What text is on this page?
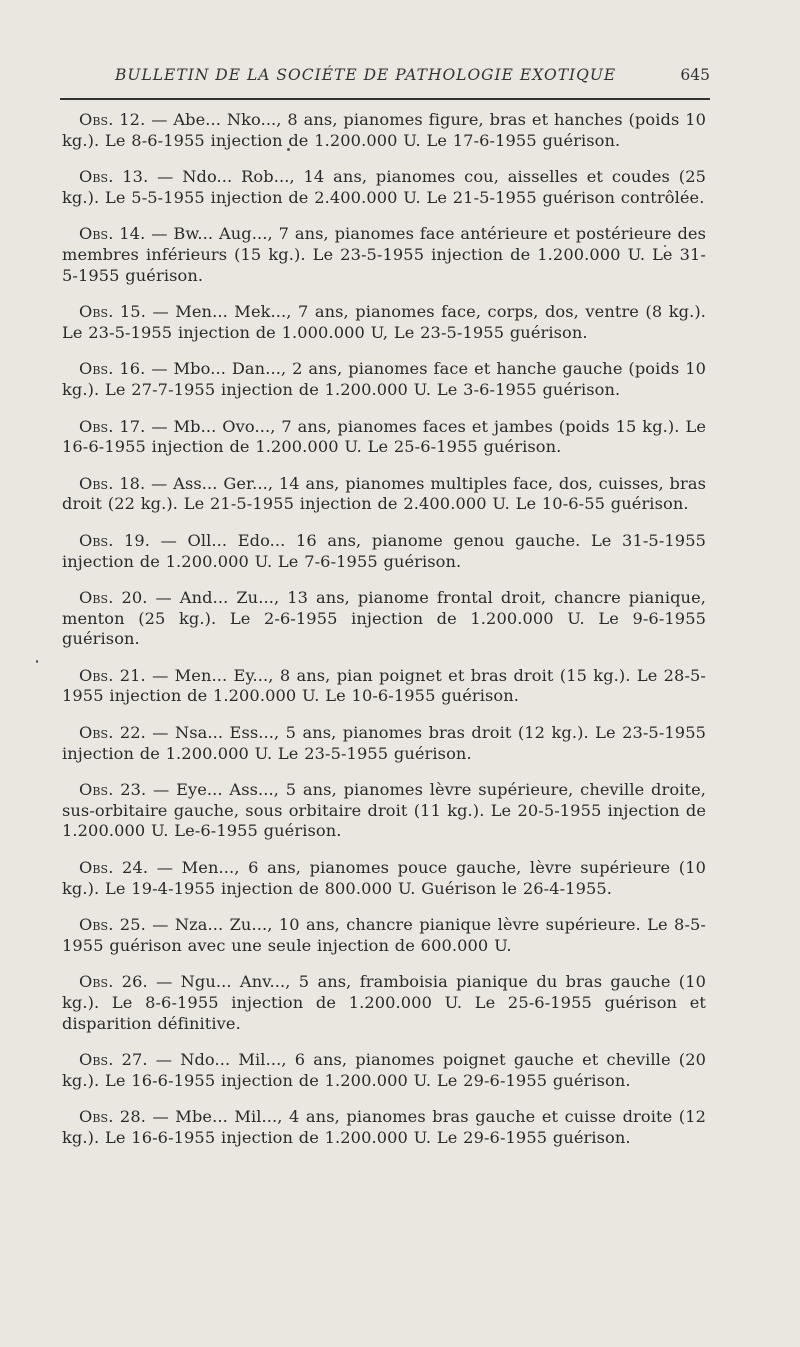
BULLETIN DE LA SOCIÉTE DE PATHOLOGIE EXOTIQUE	645

Obs. 12. — Abe... Nko..., 8 ans, pianomes figure, bras et hanches (poids 10 kg.). Le 8-6-1955 injection de 1.200.000 U. Le 17-6-1955 guérison.

Obs. 13. — Ndo... Rob..., 14 ans, pianomes cou, aisselles et coudes (25 kg.). Le 5-5-1955 injection de 2.400.000 U. Le 21-5-1955 guérison contrôlée.

Obs. 14. — Bw... Aug..., 7 ans, pianomes face antérieure et postérieure des membres inférieurs (15 kg.). Le 23-5-1955 injection de 1.200.000 U. Le 31-5-1955 guérison.

Obs. 15. — Men... Mek..., 7 ans, pianomes face, corps, dos, ventre (8 kg.). Le 23-5-1955 injection de 1.000.000 U, Le 23-5-1955 guérison.

Obs. 16. — Mbo... Dan..., 2 ans, pianomes face et hanche gauche (poids 10 kg.). Le 27-7-1955 injection de 1.200.000 U. Le 3-6-1955 guérison.

Obs. 17. — Mb... Ovo..., 7 ans, pianomes faces et jambes (poids 15 kg.). Le 16-6-1955 injection de 1.200.000 U. Le 25-6-1955 guérison.

Obs. 18. — Ass... Ger..., 14 ans, pianomes multiples face, dos, cuisses, bras droit (22 kg.). Le 21-5-1955 injection de 2.400.000 U. Le 10-6-55 guérison.

Obs. 19. — Oll... Edo... 16 ans, pianome genou gauche. Le 31-5-1955 injection de 1.200.000 U. Le 7-6-1955 guérison.

Obs. 20. — And... Zu..., 13 ans, pianome frontal droit, chancre pianique, menton (25 kg.). Le 2-6-1955 injection de 1.200.000 U. Le 9-6-1955 guérison.

Obs. 21. — Men... Ey..., 8 ans, pian poignet et bras droit (15 kg.). Le 28-5-1955 injection de 1.200.000 U. Le 10-6-1955 guérison.

Obs. 22. — Nsa... Ess..., 5 ans, pianomes bras droit (12 kg.). Le 23-5-1955 injection de 1.200.000 U. Le 23-5-1955 guérison.

Obs. 23. — Eye... Ass..., 5 ans, pianomes lèvre supérieure, cheville droite, sus-orbitaire gauche, sous orbitaire droit (11 kg.). Le 20-5-1955 injection de 1.200.000 U. Le-6-1955 guérison.

Obs. 24. — Men..., 6 ans, pianomes pouce gauche, lèvre supérieure (10 kg.). Le 19-4-1955 injection de 800.000 U. Guérison le 26-4-1955.

Obs. 25. — Nza... Zu..., 10 ans, chancre pianique lèvre supérieure. Le 8-5-1955 guérison avec une seule injection de 600.000 U.

Obs. 26. — Ngu... Anv..., 5 ans, framboisia pianique du bras gauche (10 kg.). Le 8-6-1955 injection de 1.200.000 U. Le 25-6-1955 guérison et disparition définitive.

Obs. 27. — Ndo... Mil..., 6 ans, pianomes poignet gauche et cheville (20 kg.). Le 16-6-1955 injection de 1.200.000 U. Le 29-6-1955 guérison.

Obs. 28. — Mbe... Mil..., 4 ans, pianomes bras gauche et cuisse droite (12 kg.). Le 16-6-1955 injection de 1.200.000 U. Le 29-6-1955 guérison.
